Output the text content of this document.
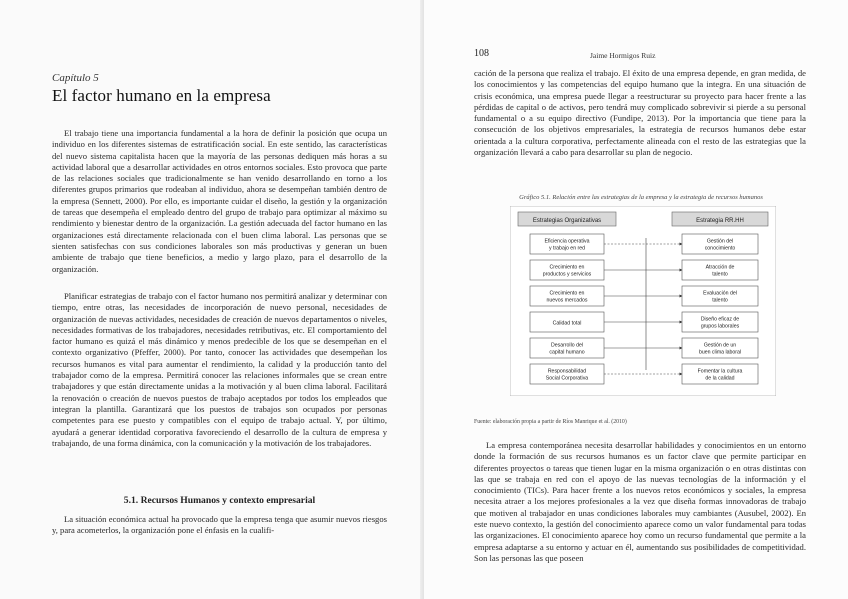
Capítulo 5
El factor humano en la empresa

El trabajo tiene una importancia fundamental a la hora de definir la posición que ocupa un individuo en los diferentes sistemas de estratificación social. En este sentido, las características del nuevo sistema capitalista hacen que la mayoría de las personas dediquen más horas a su actividad laboral que a desarrollar actividades en otros entornos sociales. Esto provoca que parte de las relaciones sociales que tradicionalmente se han venido desarrollando en torno a los diferentes grupos primarios que rodeaban al individuo, ahora se desempeñan también dentro de la empresa (Sennett, 2000). Por ello, es importante cuidar el diseño, la gestión y la organización de tareas que desempeña el empleado dentro del grupo de trabajo para optimizar al máximo su rendimiento y bienestar dentro de la organización. La gestión adecuada del factor humano en las organizaciones está directamente relacionada con el buen clima laboral. Las personas que se sienten satisfechas con sus condiciones laborales son más productivas y generan un buen ambiente de trabajo que tiene beneficios, a medio y largo plazo, para el desarrollo de la organización.

Planificar estrategias de trabajo con el factor humano nos permitirá analizar y determinar con tiempo, entre otras, las necesidades de incorporación de nuevo personal, necesidades de organización de nuevas actividades, necesidades de creación de nuevos departamentos o niveles, necesidades formativas de los trabajadores, necesidades retributivas, etc. El comportamiento del factor humano es quizá el más dinámico y menos predecible de los que se desempeñan en el contexto organizativo (Pfeffer, 2000). Por tanto, conocer las actividades que desempeñan los recursos humanos es vital para aumentar el rendimiento, la calidad y la producción tanto del trabajador como de la empresa. Permitirá conocer las relaciones informales que se crean entre trabajadores y que están directamente unidas a la motivación y al buen clima laboral. Facilitará la renovación o creación de nuevos puestos de trabajo aceptados por todos los empleados que integran la plantilla. Garantizará que los puestos de trabajos son ocupados por personas competentes para ese puesto y compatibles con el equipo de trabajo actual. Y, por último, ayudará a generar identidad corporativa favoreciendo el desarrollo de la cultura de empresa y trabajando, de una forma dinámica, con la comunicación y la motivación de los trabajadores.

5.1. Recursos Humanos y contexto empresarial

La situación económica actual ha provocado que la empresa tenga que asumir nuevos riesgos y, para acometerlos, la organización pone el énfasis en la cualifi-

108	Jaime Hormigos Ruiz

cación de la persona que realiza el trabajo. El éxito de una empresa depende, en gran medida, de los conocimientos y las competencias del equipo humano que la integra. En una situación de crisis económica, una empresa puede llegar a reestructurar su proyecto para hacer frente a las pérdidas de capital o de activos, pero tendrá muy complicado sobrevivir si pierde a su personal fundamental o a su equipo directivo (Fundipe, 2013). Por la importancia que tiene para la consecución de los objetivos empresariales, la estrategia de recursos humanos debe estar orientada a la cultura corporativa, perfectamente alineada con el resto de las estrategias que la organización llevará a cabo para desarrollar su plan de negocio.

Gráfico 5.1. Relación entre las estrategias de la empresa y la estrategia de recursos humanos

Estrategias Organizativas	Estrategia RR.HH
Eficiencia operativa
y trabajo en red
Crecimiento en
productos y servicios
Crecimiento en
nuevos mercados
Calidad total
Desarrollo del
capital humano
Responsabilidad
Social Corporativa
Gestión del
conocimiento
Atracción de
talento
Evaluación del
talento
Diseño eficaz de
grupos laborales
Gestión de un
buen clima laboral
Fomentar la cultura
de la calidad

Fuente: elaboración propia a partir de Ríos Manrique et al. (2010)

La empresa contemporánea necesita desarrollar habilidades y conocimientos en un entorno donde la formación de sus recursos humanos es un factor clave que permite participar en diferentes proyectos o tareas que tienen lugar en la misma organización o en otras distintas con las que se trabaja en red con el apoyo de las nuevas tecnologías de la información y el conocimiento (TICs). Para hacer frente a los nuevos retos económicos y sociales, la empresa necesita atraer a los mejores profesionales a la vez que diseña formas innovadoras de trabajo que motiven al trabajador en unas condiciones laborales muy cambiantes (Ausubel, 2002). En este nuevo contexto, la gestión del conocimiento aparece como un valor fundamental para todas las organizaciones. El conocimiento aparece hoy como un recurso fundamental que permite a la empresa adaptarse a su entorno y actuar en él, aumentando sus posibilidades de competitividad. Son las personas las que poseen
